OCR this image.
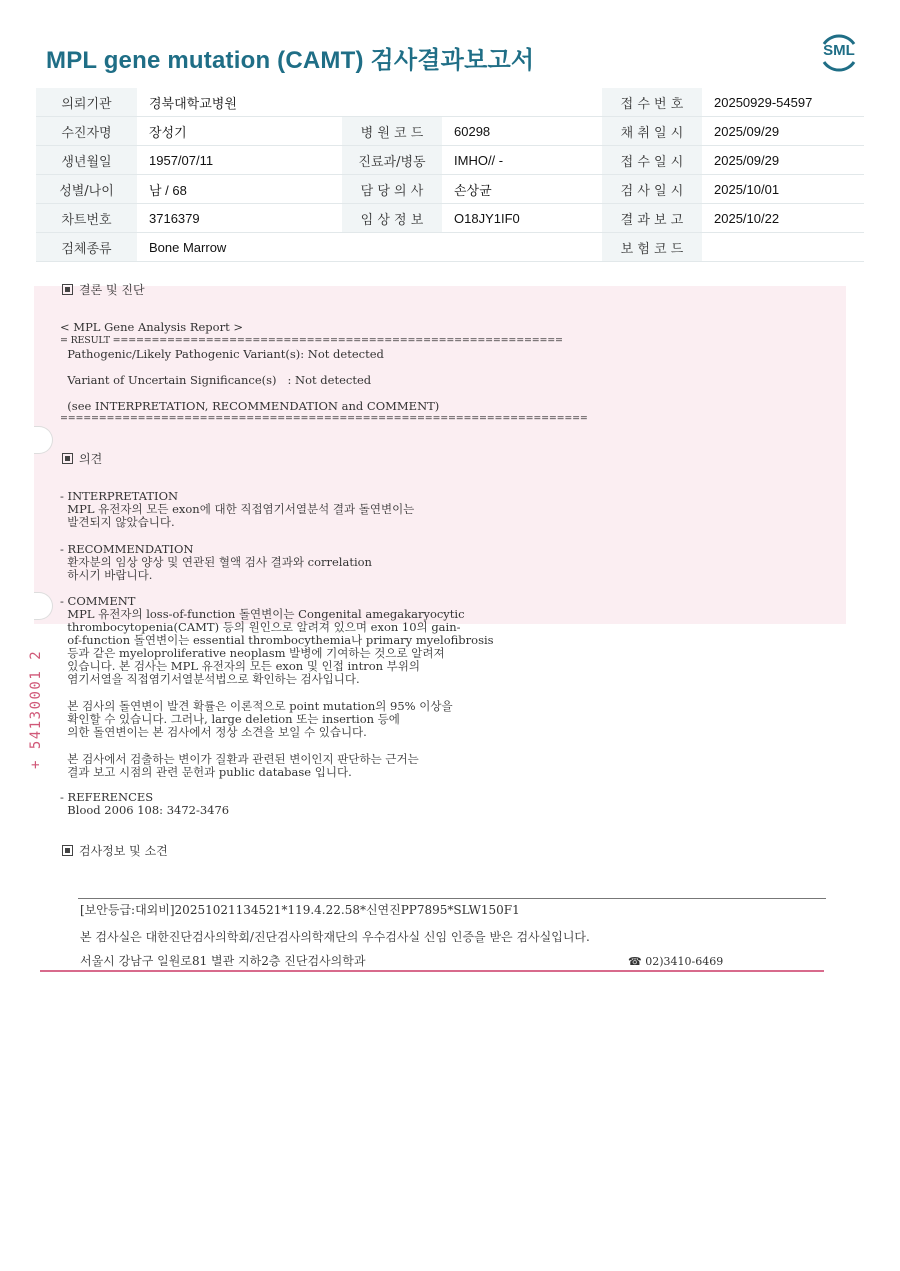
MPL gene mutation (CAMT) 검사결과보고서	SML
의뢰기관	경북대학교병원			접 수 번 호	20250929-54597
수진자명	장성기	병 원 코 드	60298	채 취 일 시	2025/09/29
생년월일	1957/07/11	진료과/병동	IMHO// -	접 수 일 시	2025/09/29
성별/나이	남 / 68	담 당 의 사	손상균	검 사 일 시	2025/10/01
차트번호	3716379	임 상 정 보	O18JY1IF0	결 과 보 고	2025/10/22
검체종류	Bone Marrow			보 험 코 드	
결론 및 진단
< MPL Gene Analysis Report >
= RESULT ==========================================================
Pathogenic/Likely Pathogenic Variant(s): Not detected
Variant of Uncertain Significance(s)   : Not detected
(see INTERPRETATION, RECOMMENDATION and COMMENT)
====================================================================
의견
- INTERPRETATION
MPL 유전자의 모든 exon에 대한 직접염기서열분석 결과 돌연변이는
발견되지 않았습니다.
- RECOMMENDATION
환자분의 임상 양상 및 연관된 혈액 검사 결과와 correlation
하시기 바랍니다.
- COMMENT
MPL 유전자의 loss-of-function 돌연변이는 Congenital amegakaryocytic
thrombocytopenia(CAMT) 등의 원인으로 알려져 있으며 exon 10의 gain-
of-function 돌연변이는 essential thrombocythemia나 primary myelofibrosis
등과 같은 myeloproliferative neoplasm 발병에 기여하는 것으로 알려져
있습니다. 본 검사는 MPL 유전자의 모든 exon 및 인접 intron 부위의
염기서열을 직접염기서열분석법으로 확인하는 검사입니다.
본 검사의 돌연변이 발견 확률은 이론적으로 point mutation의 95% 이상을
확인할 수 있습니다. 그러나, large deletion 또는 insertion 등에
의한 돌연변이는 본 검사에서 정상 소견을 보일 수 있습니다.
본 검사에서 검출하는 변이가 질환과 관련된 변이인지 판단하는 근거는
결과 보고 시점의 관련 문헌과 public database 입니다.
- REFERENCES
Blood 2006 108: 3472-3476
검사정보 및 소견
+ 54130001 2
[보안등급:대외비]20251021134521*119.4.22.58*신연진PP7895*SLW150F1
본 검사실은 대한진단검사의학회/진단검사의학재단의 우수검사실 신임 인증을 받은 검사실입니다.
서울시 강남구 일원로81 별관 지하2층 진단검사의학과	☎ 02)3410-6469
